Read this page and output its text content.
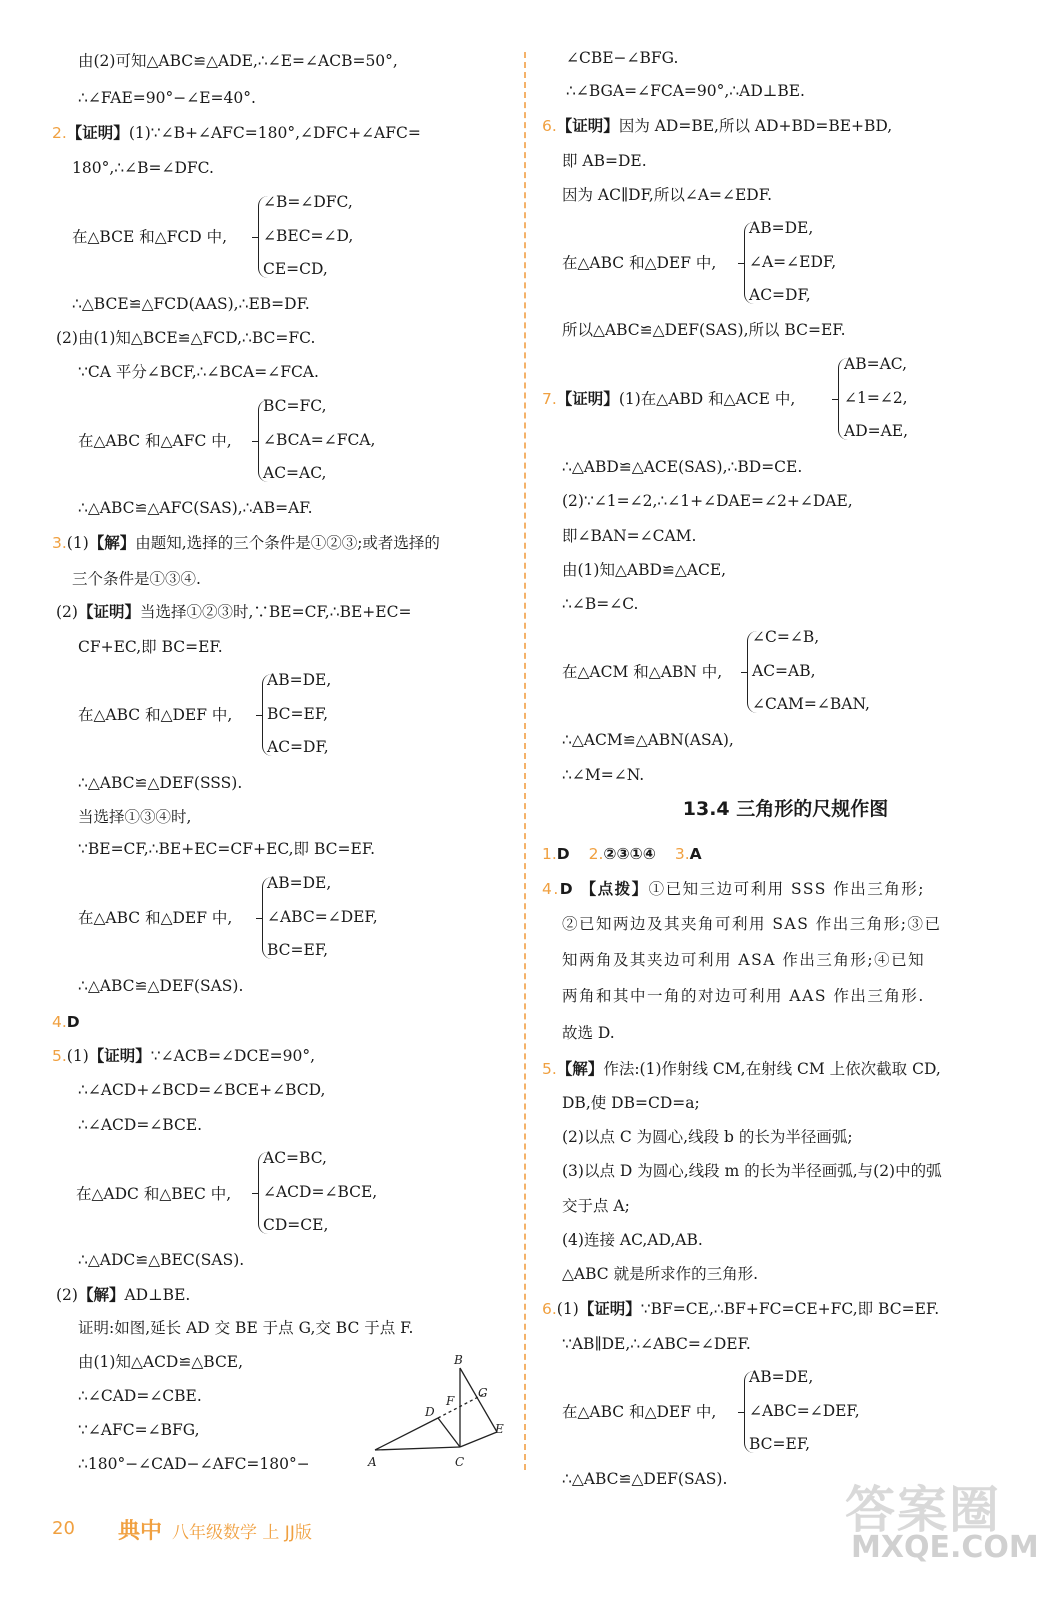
由(2)可知△ABC≌△ADE,∴∠E=∠ACB=50°,
∴∠FAE=90°−∠E=40°.
2.【证明】(1)∵∠B+∠AFC=180°,∠DFC+∠AFC=
180°,∴∠B=∠DFC.
在△BCE 和△FCD 中,
∠B=∠DFC,
∠BEC=∠D,
CE=CD,
∴△BCE≌△FCD(AAS),∴EB=DF.
(2)由(1)知△BCE≌△FCD,∴BC=FC.
∵CA 平分∠BCF,∴∠BCA=∠FCA.
在△ABC 和△AFC 中,
BC=FC,
∠BCA=∠FCA,
AC=AC,
∴△ABC≌△AFC(SAS),∴AB=AF.
3.(1)【解】由题知,选择的三个条件是①②③;或者选择的
三个条件是①③④.
(2)【证明】当选择①②③时,∵BE=CF,∴BE+EC=
CF+EC,即 BC=EF.
在△ABC 和△DEF 中,
AB=DE,
BC=EF,
AC=DF,
∴△ABC≌△DEF(SSS).
当选择①③④时,
∵BE=CF,∴BE+EC=CF+EC,即 BC=EF.
在△ABC 和△DEF 中,
AB=DE,
∠ABC=∠DEF,
BC=EF,
∴△ABC≌△DEF(SAS).
4.D
5.(1)【证明】∵∠ACB=∠DCE=90°,
∴∠ACD+∠BCD=∠BCE+∠BCD,
∴∠ACD=∠BCE.
在△ADC 和△BEC 中,
AC=BC,
∠ACD=∠BCE,
CD=CE,
∴△ADC≌△BEC(SAS).
(2)【解】AD⊥BE.
证明:如图,延长 AD 交 BE 于点 G,交 BC 于点 F.
由(1)知△ACD≌△BCE,
∴∠CAD=∠CBE.
∵∠AFC=∠BFG,
∴180°−∠CAD−∠AFC=180°−	A
B
C
D
E
F
G
∠CBE−∠BFG.
∴∠BGA=∠FCA=90°,∴AD⊥BE.
6.【证明】因为 AD=BE,所以 AD+BD=BE+BD,
即 AB=DE.
因为 AC∥DF,所以∠A=∠EDF.
在△ABC 和△DEF 中,
AB=DE,
∠A=∠EDF,
AC=DF,
所以△ABC≌△DEF(SAS),所以 BC=EF.
7.【证明】(1)在△ABD 和△ACE 中,
AB=AC,
∠1=∠2,
AD=AE,
∴△ABD≌△ACE(SAS),∴BD=CE.
(2)∵∠1=∠2,∴∠1+∠DAE=∠2+∠DAE,
即∠BAN=∠CAM.
由(1)知△ABD≌△ACE,
∴∠B=∠C.
在△ACM 和△ABN 中,
∠C=∠B,
AC=AB,
∠CAM=∠BAN,
∴△ACM≌△ABN(ASA),
∴∠M=∠N.
13.4 三角形的尺规作图
1.D 2.②③①④ 3.A
4.D 【点拨】①已知三边可利用 SSS 作出三角形;
②已知两边及其夹角可利用 SAS 作出三角形;③已
知两角及其夹边可利用 ASA 作出三角形;④已知
两角和其中一角的对边可利用 AAS 作出三角形.
故选 D.
5.【解】作法:(1)作射线 CM,在射线 CM 上依次截取 CD,
DB,使 DB=CD=a;
(2)以点 C 为圆心,线段 b 的长为半径画弧;
(3)以点 D 为圆心,线段 m 的长为半径画弧,与(2)中的弧
交于点 A;
(4)连接 AC,AD,AB.
△ABC 就是所求作的三角形.
6.(1)【证明】∵BF=CE,∴BF+FC=CE+FC,即 BC=EF.
∵AB∥DE,∴∠ABC=∠DEF.
在△ABC 和△DEF 中,
AB=DE,
∠ABC=∠DEF,
BC=EF,
∴△ABC≌△DEF(SAS).
20 典中 八年级数学 上 JJ版	答案圈
MXQE.COM
